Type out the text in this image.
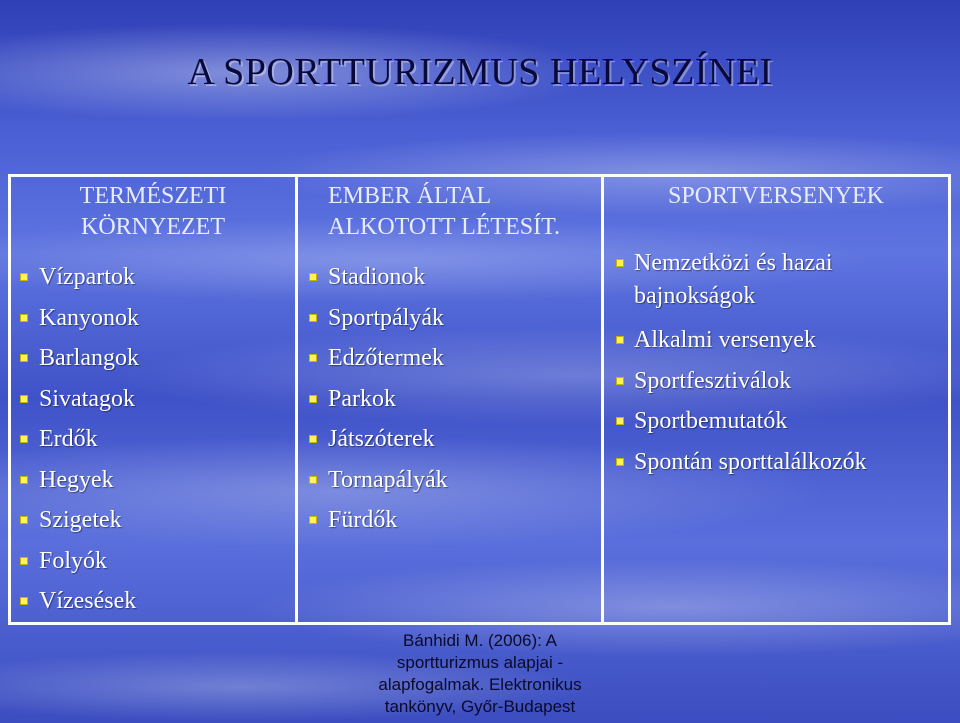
A SPORTTURIZMUS HELYSZÍNEI
TERMÉSZETI
KÖRNYEZET
Vízpartok
Kanyonok
Barlangok
Sivatagok
Erdők
Hegyek
Szigetek
Folyók
Vízesések

EMBER ÁLTAL
ALKOTOTT LÉTESÍT.
Stadionok
Sportpályák
Edzőtermek
Parkok
Játszóterek
Tornapályák
Fürdők

SPORTVERSENYEK
Nemzetközi és hazai bajnokságok
Alkalmi versenyek
Sportfesztiválok
Sportbemutatók
Spontán sporttalálkozók
Bánhidi M. (2006): A
sportturizmus alapjai -
alapfogalmak. Elektronikus
tankönyv, Győr-Budapest
